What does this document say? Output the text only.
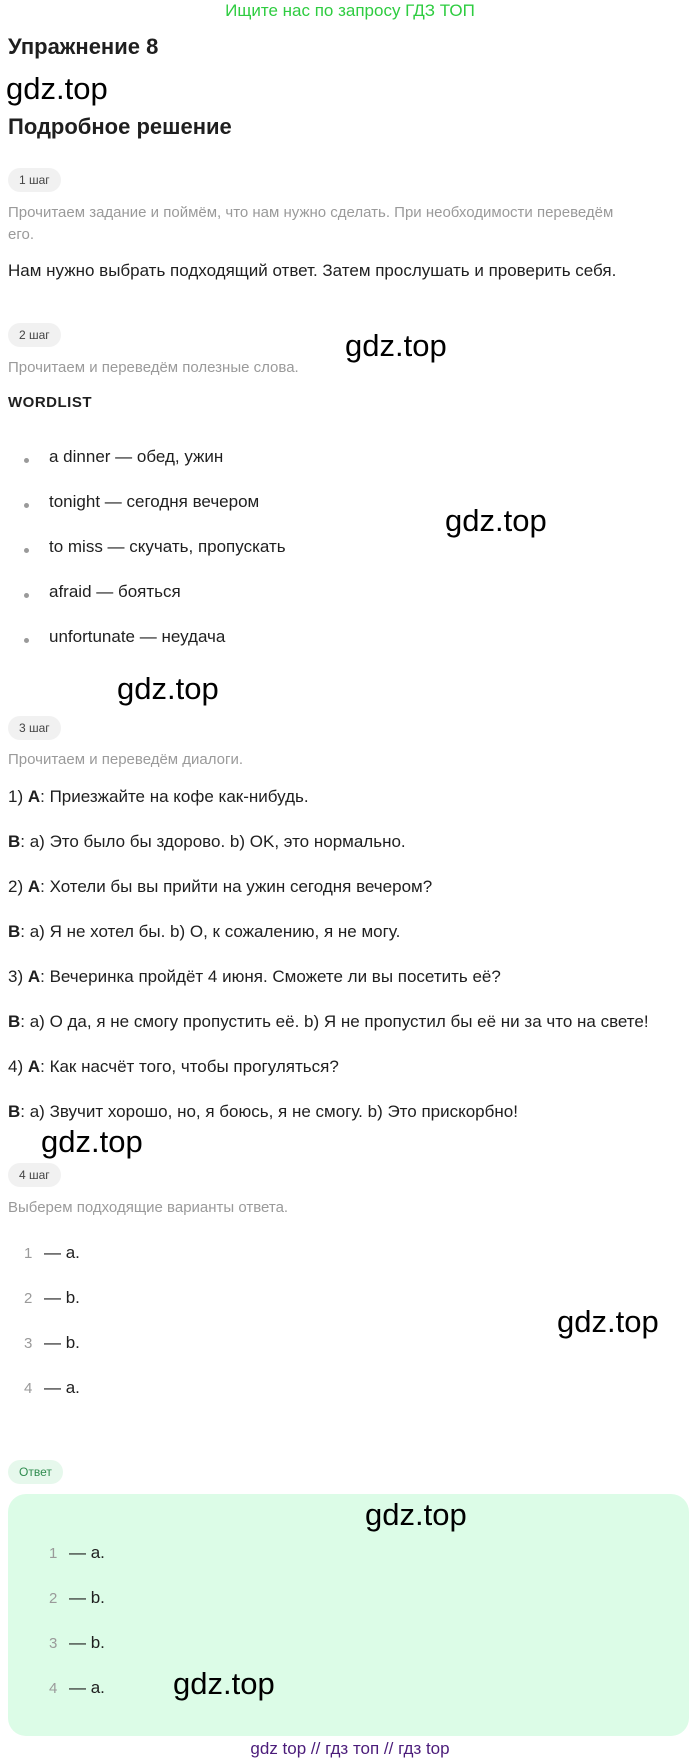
Ищите нас по запросу ГДЗ ТОП
Упражнение 8
gdz.top
Подробное решение
1 шаг
Прочитаем задание и поймём, что нам нужно сделать. При необходимости переведём
его.
Нам нужно выбрать подходящий ответ. Затем прослушать и проверить себя.
2 шаг	gdz.top
Прочитаем и переведём полезные слова.
WORDLIST
a dinner — обед, ужин
tonight — сегодня вечером
gdz.top
to miss — скучать, пропускать
afraid — бояться
unfortunate — неудача
gdz.top
3 шаг
Прочитаем и переведём диалоги.
1) A: Приезжайте на кофе как-нибудь.
B: a) Это было бы здорово. b) OK, это нормально.
2) A: Хотели бы вы прийти на ужин сегодня вечером?
B: a) Я не хотел бы. b) О, к сожалению, я не могу.
3) A: Вечеринка пройдёт 4 июня. Сможете ли вы посетить её?
B: a) О да, я не смогу пропустить её. b) Я не пропустил бы её ни за что на свете!
4) A: Как насчёт того, чтобы прогуляться?
B: a) Звучит хорошо, но, я боюсь, я не смогу. b) Это прискорбно!
gdz.top
4 шаг
Выберем подходящие варианты ответа.
1 — a.
2 — b.
gdz.top
3 — b.
4 — a.
Ответ
gdz.top
1 — a.
2 — b.
3 — b.
4 — a. gdz.top
gdz top // гдз топ // гдз top
